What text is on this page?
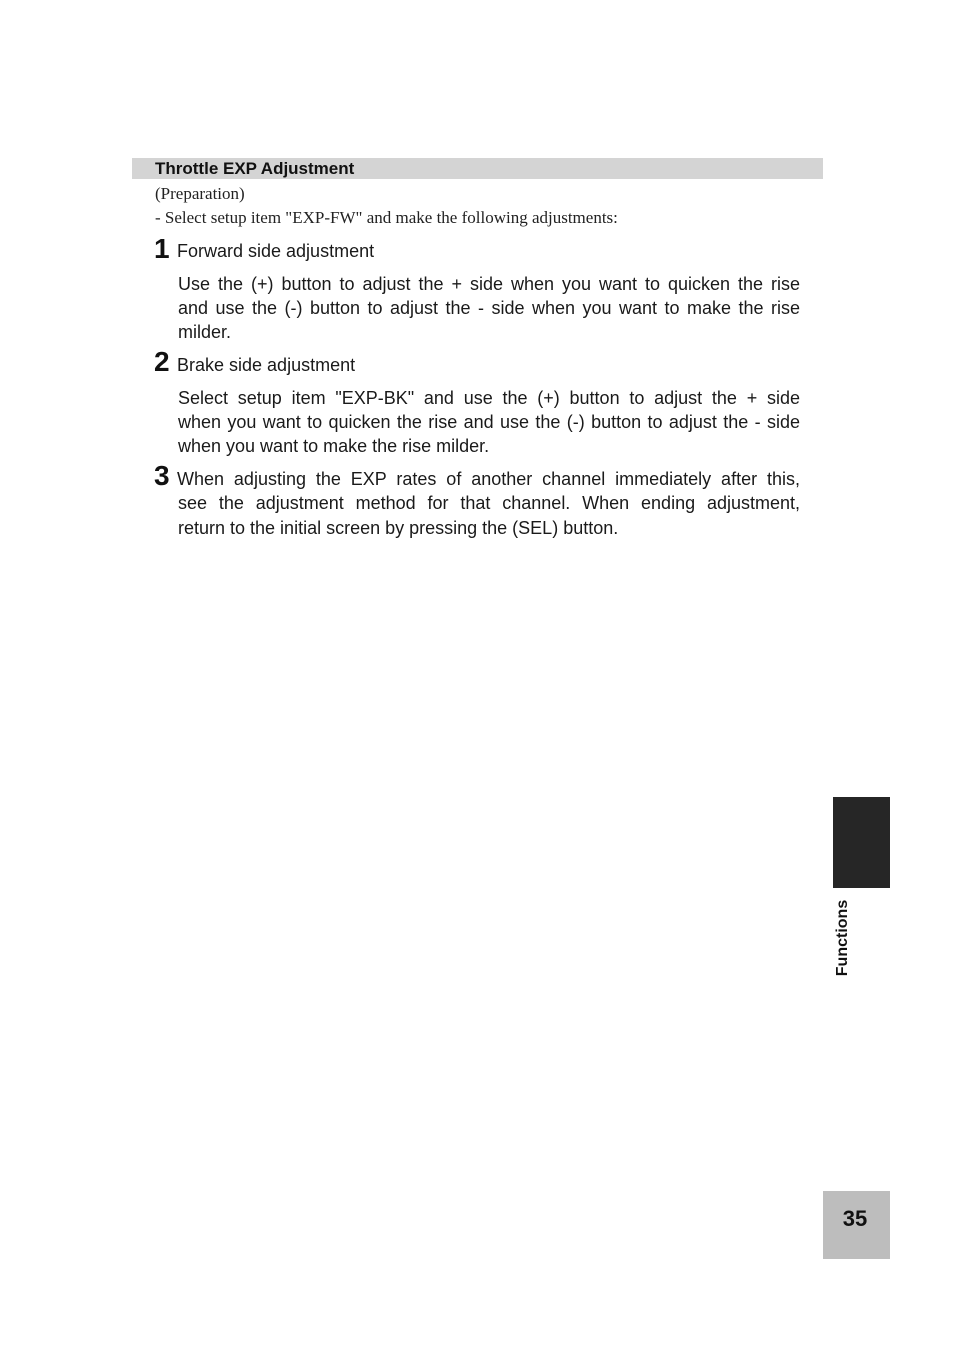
Throttle EXP Adjustment
(Preparation)
- Select setup item "EXP-FW" and make the following adjustments:
1 Forward side adjustment
Use the (+) button to adjust the + side when you want to quicken the rise
and use the (-) button to adjust the - side when you want to make the rise
milder.
2 Brake side adjustment
Select setup item "EXP-BK" and use the (+) button to adjust the + side
when you want to quicken the rise and use the (-) button to adjust the - side
when you want to make the rise milder.
3 When adjusting the EXP rates of another channel immediately after this,
see the adjustment method for that channel. When ending adjustment,
return to the initial screen by pressing the (SEL) button.
Functions
35
